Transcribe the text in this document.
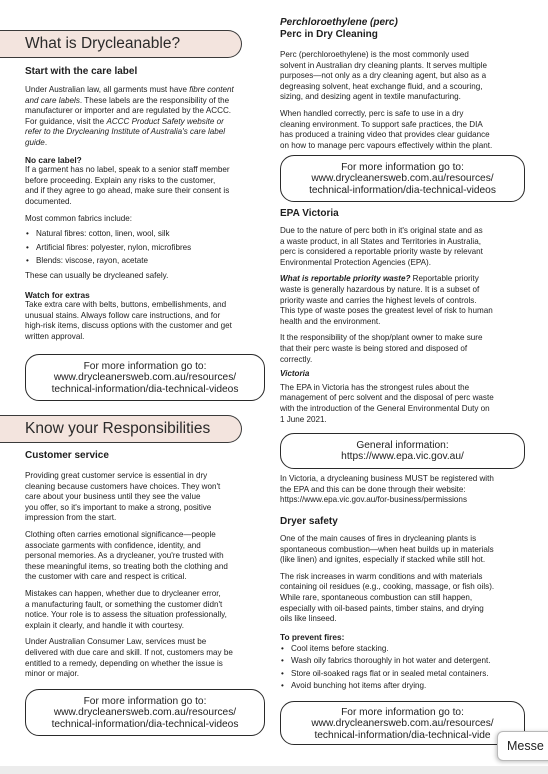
What is Drycleanable?
Start with the care label

Under Australian law, all garments must have fibre content
and care labels. These labels are the responsibility of the
manufacturer or importer and are regulated by the ACCC.
For guidance, visit the ACCC Product Safety website or
refer to the Drycleaning Institute of Australia's care label
guide.

No care label?

If a garment has no label, speak to a senior staff member
before proceeding. Explain any risks to the customer,
and if they agree to go ahead, make sure their consent is
documented.

Most common fabrics include:

• Natural fibres: cotton, linen, wool, silk
• Artificial fibres: polyester, nylon, microfibres
• Blends: viscose, rayon, acetate

These can usually be drycleaned safely.

Watch for extras

Take extra care with belts, buttons, embellishments, and
unusual stains. Always follow care instructions, and for
high-risk items, discuss options with the customer and get
written approval.

For more information go to:
www.drycleanersweb.com.au/resources/
technical-information/dia-technical-videos
Know your Responsibilities
Customer service

Providing great customer service is essential in dry
cleaning because customers have choices. They won't
care about your business until they see the value
you offer, so it's important to make a strong, positive
impression from the start.

Clothing often carries emotional significance—people
associate garments with confidence, identity, and
personal memories. As a drycleaner, you're trusted with
these meaningful items, so treating both the clothing and
the customer with care and respect is critical.

Mistakes can happen, whether due to drycleaner error,
a manufacturing fault, or something the customer didn't
notice. Your role is to assess the situation professionally,
explain it clearly, and handle it with courtesy.

Under Australian Consumer Law, services must be
delivered with due care and skill. If not, customers may be
entitled to a remedy, depending on whether the issue is
minor or major.

For more information go to:
www.drycleanersweb.com.au/resources/
technical-information/dia-technical-videos
Perchloroethylene (perc)
Perc in Dry Cleaning

Perc (perchloroethylene) is the most commonly used
solvent in Australian dry cleaning plants. It serves multiple
purposes—not only as a dry cleaning agent, but also as a
degreasing solvent, heat exchange fluid, and a scouring,
sizing, and desizing agent in textile manufacturing.

When handled correctly, perc is safe to use in a dry
cleaning environment. To support safe practices, the DIA
has produced a training video that provides clear guidance
on how to manage perc vapours effectively within the plant.

For more information go to:
www.drycleanersweb.com.au/resources/
technical-information/dia-technical-videos
EPA Victoria

Due to the nature of perc both in it's original state and as
a waste product, in all States and Territories in Australia,
perc is considered a reportable priority waste by relevant
Environmental Protection Agencies (EPA).

What is reportable priority waste? Reportable priority
waste is generally hazardous by nature. It is a subset of
priority waste and carries the highest levels of controls.
This type of waste poses the greatest level of risk to human
health and the environment.

It the responsibility of the shop/plant owner to make sure
that their perc waste is being stored and disposed of
correctly.

Victoria

The EPA in Victoria has the strongest rules about the
management of perc solvent and the disposal of perc waste
with the introduction of the General Environmental Duty on
1 June 2021.

General information:
https://www.epa.vic.gov.au/

In Victoria, a drycleaning business MUST be registered with
the EPA and this can be done through their website:
https://www.epa.vic.gov.au/for-business/permissions

Dryer safety

One of the main causes of fires in drycleaning plants is
spontaneous combustion—when heat builds up in materials
(like linen) and ignites, especially if stacked while still hot.

The risk increases in warm conditions and with materials
containing oil residues (e.g., cooking, massage, or fish oils).
While rare, spontaneous combustion can still happen,
especially with oil-based paints, timber stains, and drying
oils like linseed.

To prevent fires:
• Cool items before stacking.
• Wash oily fabrics thoroughly in hot water and detergent.
• Store oil-soaked rags flat or in sealed metal containers.
• Avoid bunching hot items after drying.
For more information go to:
www.drycleanersweb.com.au/resources/
technical-information/dia-technical-vide
Messe
